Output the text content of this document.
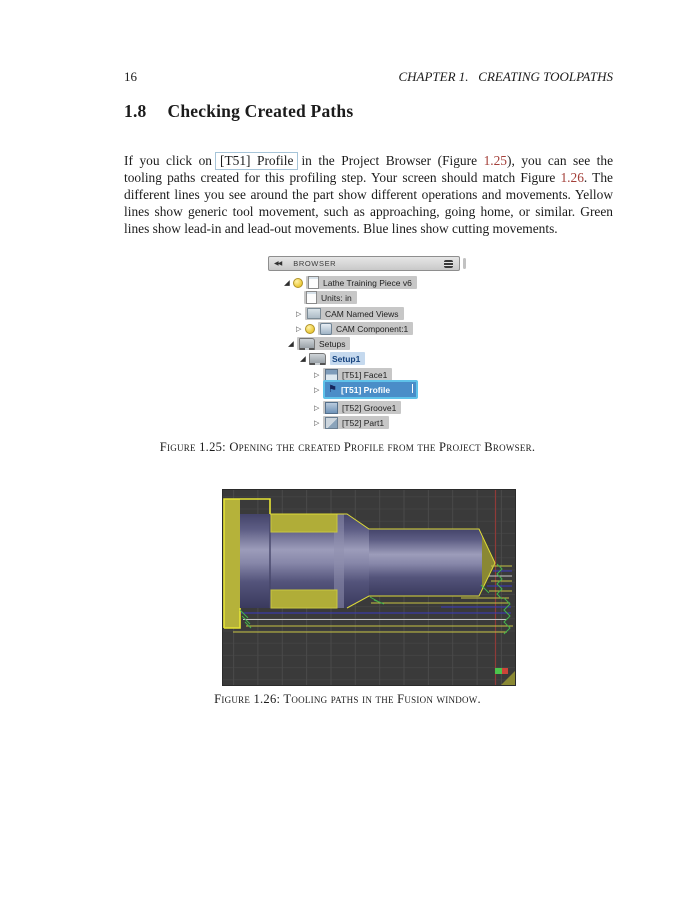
16	CHAPTER 1.   CREATING TOOLPATHS
1.8 Checking Created Paths

If you click on [T51] Profile in the Project Browser (Figure 1.25), you can see the tooling paths created for this profiling step. Your screen should match Figure 1.26. The different lines you see around the part show different operations and movements. Yellow lines show generic tool movement, such as approaching, going home, or similar. Green lines show lead-in and lead-out movements. Blue lines show cutting movements.

◀◀ BROWSER
◢	Lathe Training Piece v6
Units: in
▷	CAM Named Views
▷	CAM Component:1
◢	Setups
◢	Setup1
▷	[T51] Face1
▷ ⚑ [T51] Profile
▷	[T52] Groove1
▷	[T52] Part1
Figure 1.25: Opening the created Profile from the Project Browser.
Figure 1.26: Tooling paths in the Fusion window.
